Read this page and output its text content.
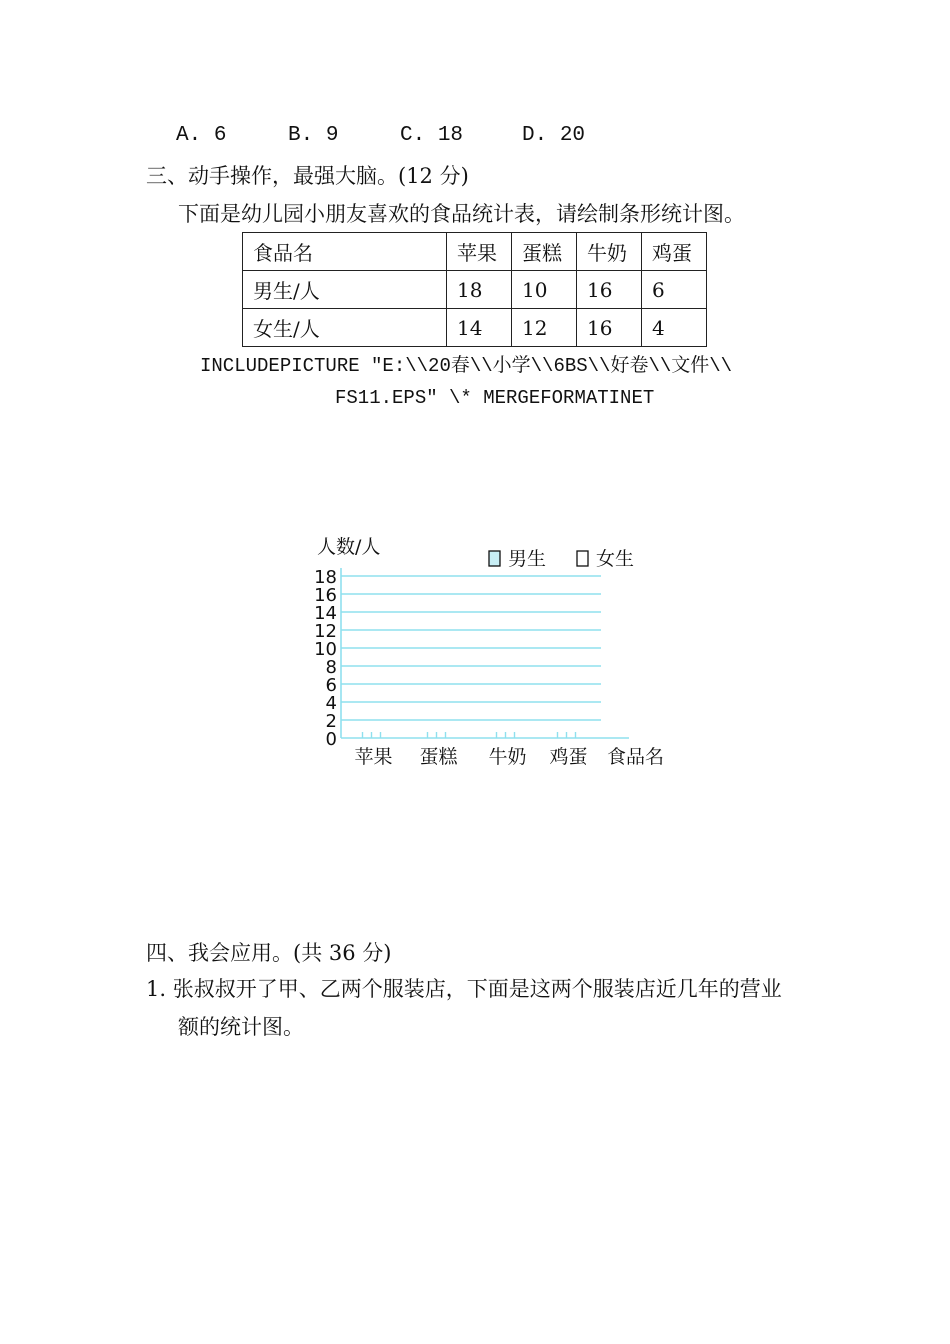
A. 6	B. 9	C. 18	D. 20
三、动手操作，最强大脑。(12 分)
下面是幼儿园小朋友喜欢的食品统计表，请绘制条形统计图。
食品名	苹果	蛋糕	牛奶	鸡蛋
男生/人	18	10	16	6
女生/人	14	12	16	4
INCLUDEPICTURE "E:\\20春\\小学\\6BS\\好卷\\文件\\
FS11.EPS" \* MERGEFORMATINET
0
2
4
6
8
10
12
14
16
18
苹果 蛋糕 牛奶 鸡蛋
人数/人
食品名
男生	女生
四、我会应用。(共 36 分)
1. 张叔叔开了甲、乙两个服装店，下面是这两个服装店近几年的营业
额的统计图。
